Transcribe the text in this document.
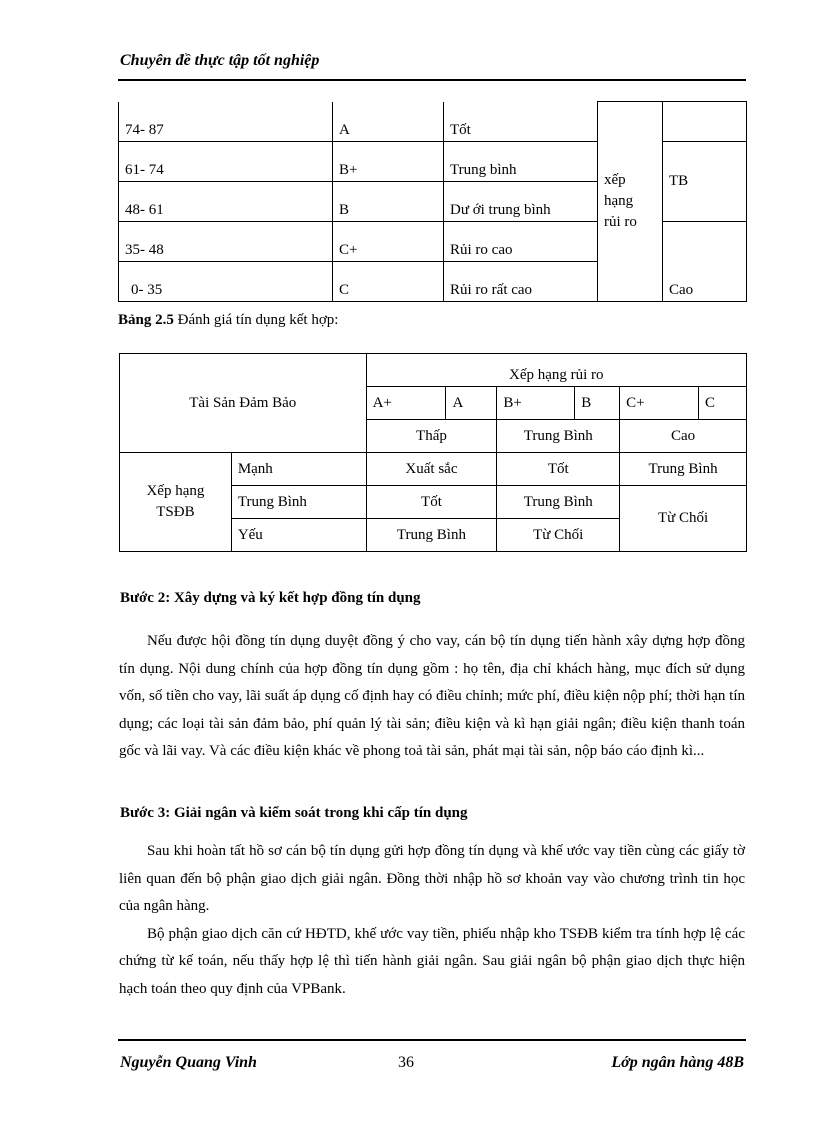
Chuyên đề thực tập tốt nghiệp
74- 87	A	Tốt	xếp
hạng
rủi ro	
61- 74	B+	Trung bình		TB
48- 61	B	Dư ới trung bình		
35- 48	C+	Rủi ro cao		Cao
0- 35	C	Rủi ro rất cao		
Bảng 2.5 Đánh giá tín dụng kết hợp:
Tài Sản Đảm Bảo		Xếp hạng rủi ro					
		A+	A	B+	B	C+	C
		Thấp		Trung Bình		Cao	
Xếp hạng
TSĐB	Mạnh	Xuất sắc		Tốt		Trung Bình	
	Trung Bình	Tốt		Trung Bình		Từ Chối	
	Yếu	Trung Bình		Từ Chối			
Bước 2: Xây dựng và ký kết hợp đồng tín dụng

Nếu được hội đồng tín dụng duyệt đồng ý cho vay, cán bộ tín dụng tiến hành xây dựng hợp đồng tín dụng. Nội dung chính của hợp đồng tín dụng gồm : họ tên, địa chỉ khách hàng, mục đích sử dụng vốn, số tiền cho vay, lãi suất áp dụng cố định hay có điều chỉnh; mức phí, điều kiện nộp phí; thời hạn tín dụng; các loại tài sản đảm bảo, phí quản lý tài sản; điều kiện và kì hạn giải ngân; điều kiện thanh toán gốc và lãi vay. Và các điều kiện khác về phong toả tài sản, phát mại tài sản, nộp báo cáo định kì...

Bước 3: Giải ngân và kiểm soát trong khi cấp tín dụng

Sau khi hoàn tất hồ sơ cán bộ tín dụng gửi hợp đồng tín dụng và khế ước vay tiền cùng các giấy tờ liên quan đến bộ phận giao dịch giải ngân. Đồng thời nhập hồ sơ khoản vay vào chương trình tin học của ngân hàng.

Bộ phận giao dịch căn cứ HĐTD, khế ước vay tiền, phiếu nhập kho TSĐB kiểm tra tính hợp lệ các chứng từ kế toán, nếu thấy hợp lệ thì tiến hành giải ngân. Sau giải ngân bộ phận giao dịch thực hiện hạch toán theo quy định của VPBank.

Nguyễn Quang Vinh	36	Lớp ngân hàng 48B
